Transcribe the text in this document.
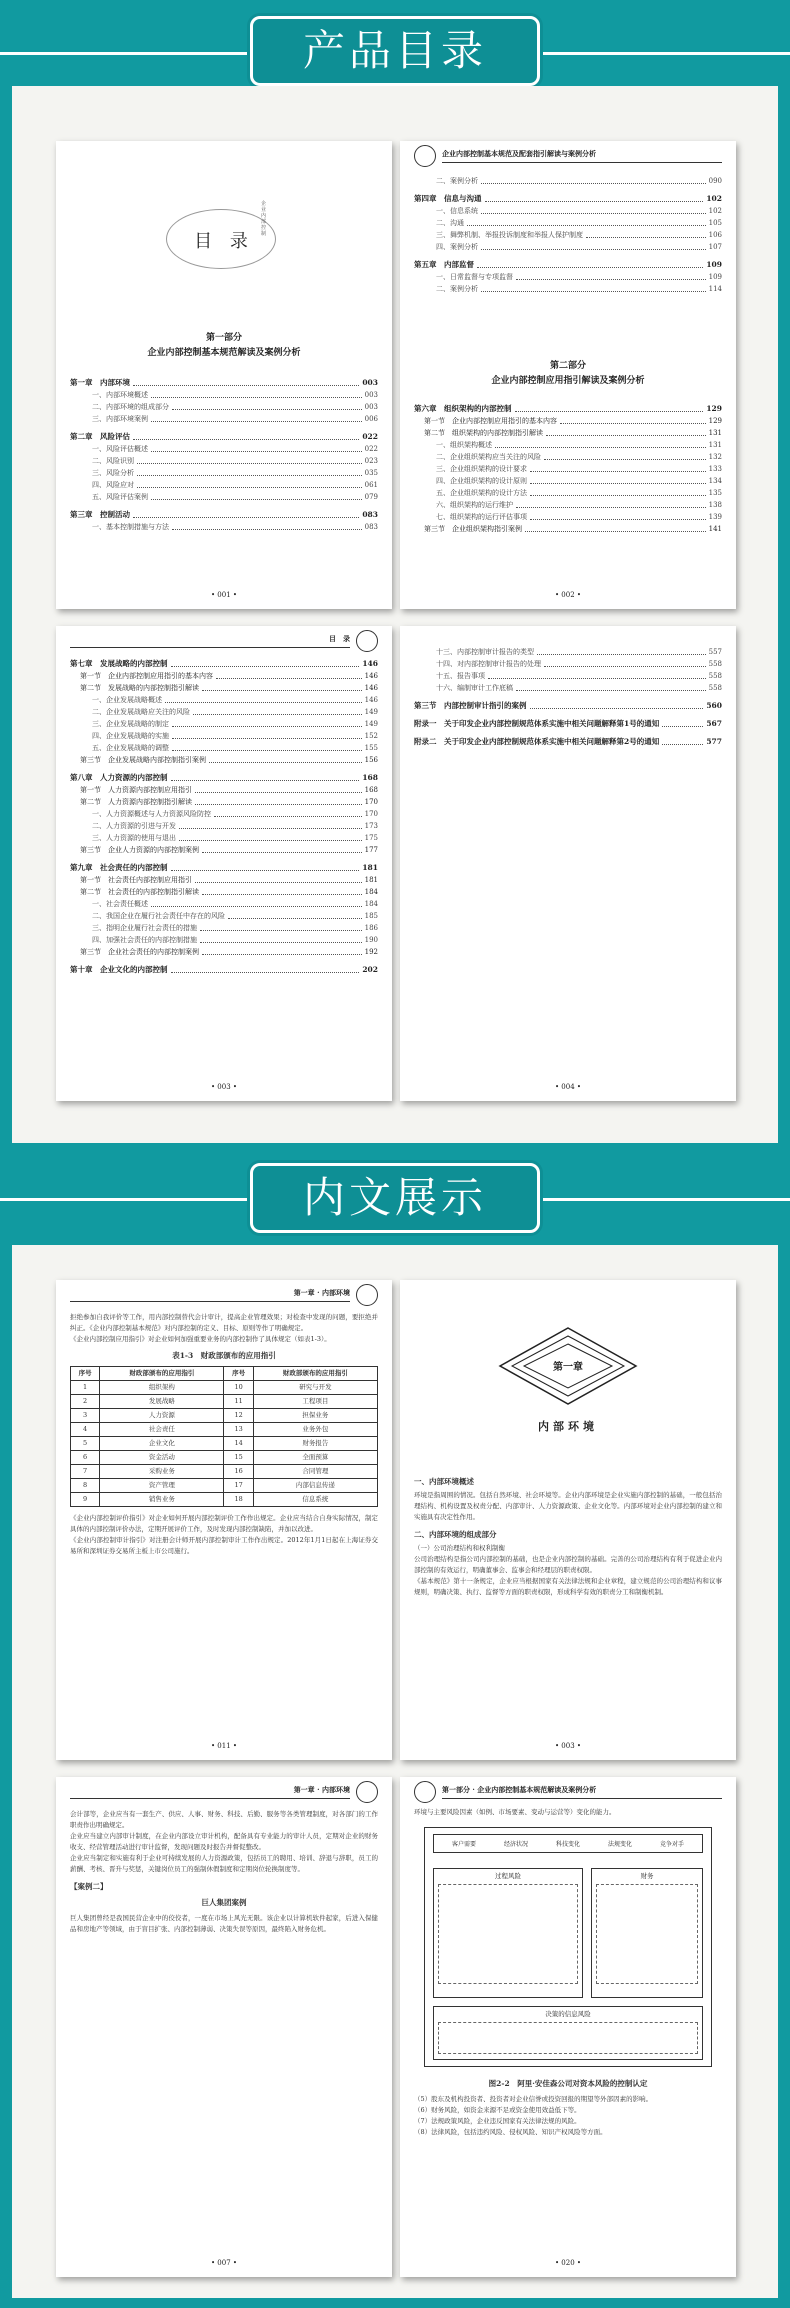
产品目录
目 录
企业内部控制
第一部分
企业内部控制基本规范解读及案例分析
第一章　内部环境	003
一、内部环境概述	003
二、内部环境的组成部分	003
三、内部环境案例	006
第二章　风险评估	022
一、风险评估概述	022
二、风险识别	023
三、风险分析	035
四、风险应对	061
五、风险评估案例	079
第三章　控制活动	083
一、基本控制措施与方法	083
• 001 •
企业内部控制基本规范及配套指引解读与案例分析
二、案例分析	090
第四章　信息与沟通	102
一、信息系统	102
二、沟通	105
三、舞弊机制、举报投诉制度和举报人保护制度	106
四、案例分析	107
第五章　内部监督	109
一、日常监督与专项监督	109
二、案例分析	114
第二部分
企业内部控制应用指引解读及案例分析
第六章　组织架构的内部控制	129
第一节　企业内部控制应用指引的基本内容	129
第二节　组织架构的内部控制指引解读	131
一、组织架构概述	131
二、企业组织架构应当关注的风险	132
三、企业组织架构的设计要求	133
四、企业组织架构的设计原则	134
五、企业组织架构的设计方法	135
六、组织架构的运行维护	138
七、组织架构的运行评估事项	139
第三节　企业组织架构指引案例	141
• 002 •
目　录
第七章　发展战略的内部控制	146
第一节　企业内部控制应用指引的基本内容	146
第二节　发展战略的内部控制指引解读	146
一、企业发展战略概述	146
二、企业发展战略应关注的风险	149
三、企业发展战略的制定	149
四、企业发展战略的实施	152
五、企业发展战略的调整	155
第三节　企业发展战略内部控制指引案例	156
第八章　人力资源的内部控制	168
第一节　人力资源内部控制应用指引	168
第二节　人力资源内部控制指引解读	170
一、人力资源概述与人力资源风险防控	170
二、人力资源的引进与开发	173
三、人力资源的使用与退出	175
第三节　企业人力资源的内部控制案例	177
第九章　社会责任的内部控制	181
第一节　社会责任内部控制应用指引	181
第二节　社会责任的内部控制指引解读	184
一、社会责任概述	184
二、我国企业在履行社会责任中存在的风险	185
三、指明企业履行社会责任的措施	186
四、加强社会责任的内部控制措施	190
第三节　企业社会责任的内部控制案例	192
第十章　企业文化的内部控制	202
• 003 •
十三、内部控制审计报告的类型	557
十四、对内部控制审计报告的处理	558
十五、报告事项	558
十六、编制审计工作底稿	558
第三节　内部控制审计指引的案例	560
附录一　关于印发企业内部控制规范体系实施中相关问题解释第1号的通知	567
附录二　关于印发企业内部控制规范体系实施中相关问题解释第2号的通知	577
• 004 •
内文展示
第一章 · 内部环境

拒绝参加自我评价等工作，用内部控制替代会计审计，提高企业管理效果；对检查中发现的问题，要拒绝并纠正。《企业内部控制基本规范》对内部控制的定义、目标、原则等作了明确规定。

《企业内部控制应用指引》对企业如何加强重要业务的内部控制作了具体规定（如表1-3）。

表1-3　财政部颁布的应用指引
序号	财政部颁布的应用指引	序号	财政部颁布的应用指引
1	组织架构	10	研究与开发
2	发展战略	11	工程项目
3	人力资源	12	担保业务
4	社会责任	13	业务外包
5	企业文化	14	财务报告
6	资金活动	15	全面预算
7	采购业务	16	合同管理
8	资产管理	17	内部信息传递
9	销售业务	18	信息系统

《企业内部控制评价指引》对企业如何开展内部控制评价工作作出规定。企业应当结合自身实际情况，制定具体的内部控制评价办法，定期开展评价工作，及时发现内部控制缺陷，并加以改进。

《企业内部控制审计指引》对注册会计师开展内部控制审计工作作出规定。2012年1月1日起在上海证券交易所和深圳证券交易所主板上市公司施行。

• 011 •
第一章
内部环境
一、内部环境概述

环境是指周围的情况。包括自然环境、社会环境等。企业内部环境是企业实施内部控制的基础，一般包括治理结构、机构设置及权责分配、内部审计、人力资源政策、企业文化等。内部环境对企业内部控制的建立和实施具有决定性作用。

二、内部环境的组成部分

（一）公司治理结构和权利制衡

公司治理结构是指公司内部控制的基础，也是企业内部控制的基础。完善的公司治理结构有利于促进企业内部控制的有效运行，明确董事会、监事会和经理层的职责权限。

《基本规范》第十一条规定，企业应当根据国家有关法律法规和企业章程，建立规范的公司治理结构和议事规则，明确决策、执行、监督等方面的职责权限，形成科学有效的职责分工和制衡机制。

• 003 •
第一章 · 内部环境

会计部等，企业应当有一套生产、供应、人事、财务、科技、后勤、服务等各类管理制度，对各部门的工作职责作出明确规定。

企业应当建立内部审计制度，在企业内部设立审计机构，配备具有专业能力的审计人员，定期对企业的财务收支、经营管理活动进行审计监督，发现问题及时报告并督促整改。

企业应当制定和实施有利于企业可持续发展的人力资源政策，包括员工的聘用、培训、辞退与辞职，员工的薪酬、考核、晋升与奖惩，关键岗位员工的强制休假制度和定期岗位轮换制度等。

【案例二】
巨人集团案例

巨人集团曾经是我国民营企业中的佼佼者，一度在市场上风光无限。该企业以计算机软件起家，后进入保健品和房地产等领域，由于盲目扩张、内部控制薄弱、决策失误等原因，最终陷入财务危机。

• 007 •
第一部分 · 企业内部控制基本规范解读及案例分析

环境与主要风险因素（如例、市场要素、变动与运营等）变化的能力。

客户需要	经济状况	科技变化	法规变化	竞争对手
过程风险	财务
决策的信息风险
图2-2　阿里·安佳森公司对资本风险的控制认定

（5）股东及机构投资者、投资者对企业信誉或投资回报的期望等外部因素的影响。

（6）财务风险，如资金来源不足或资金使用效益低下等。

（7）法规政策风险，企业违反国家有关法律法规的风险。

（8）法律风险，包括违约风险、侵权风险、知识产权风险等方面。

• 020 •
